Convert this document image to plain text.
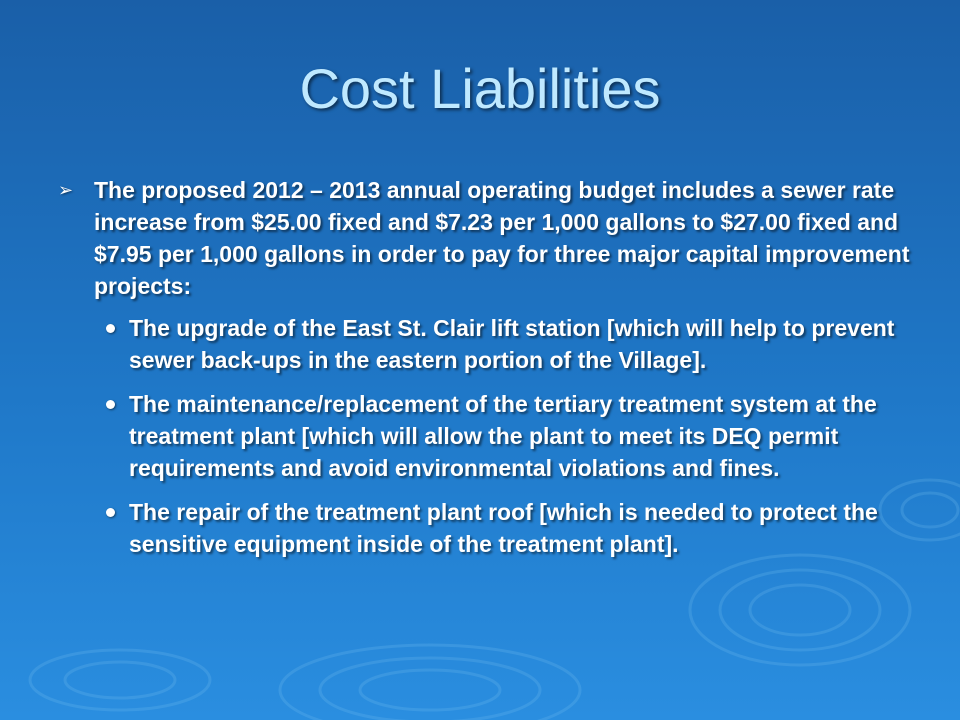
Cost Liabilities
➢ The proposed 2012 – 2013 annual operating budget includes a sewer rate increase from $25.00 fixed and $7.23 per 1,000 gallons to $27.00 fixed and $7.95 per 1,000 gallons in order to pay for three major capital improvement projects:
The upgrade of the East St. Clair lift station [which will help to prevent sewer back-ups in the eastern portion of the Village].
The maintenance/replacement of the tertiary treatment system at the treatment plant [which will allow the plant to meet its DEQ permit requirements and avoid environmental violations and fines.
The repair of the treatment plant roof [which is needed to protect the sensitive equipment inside of the treatment plant].
